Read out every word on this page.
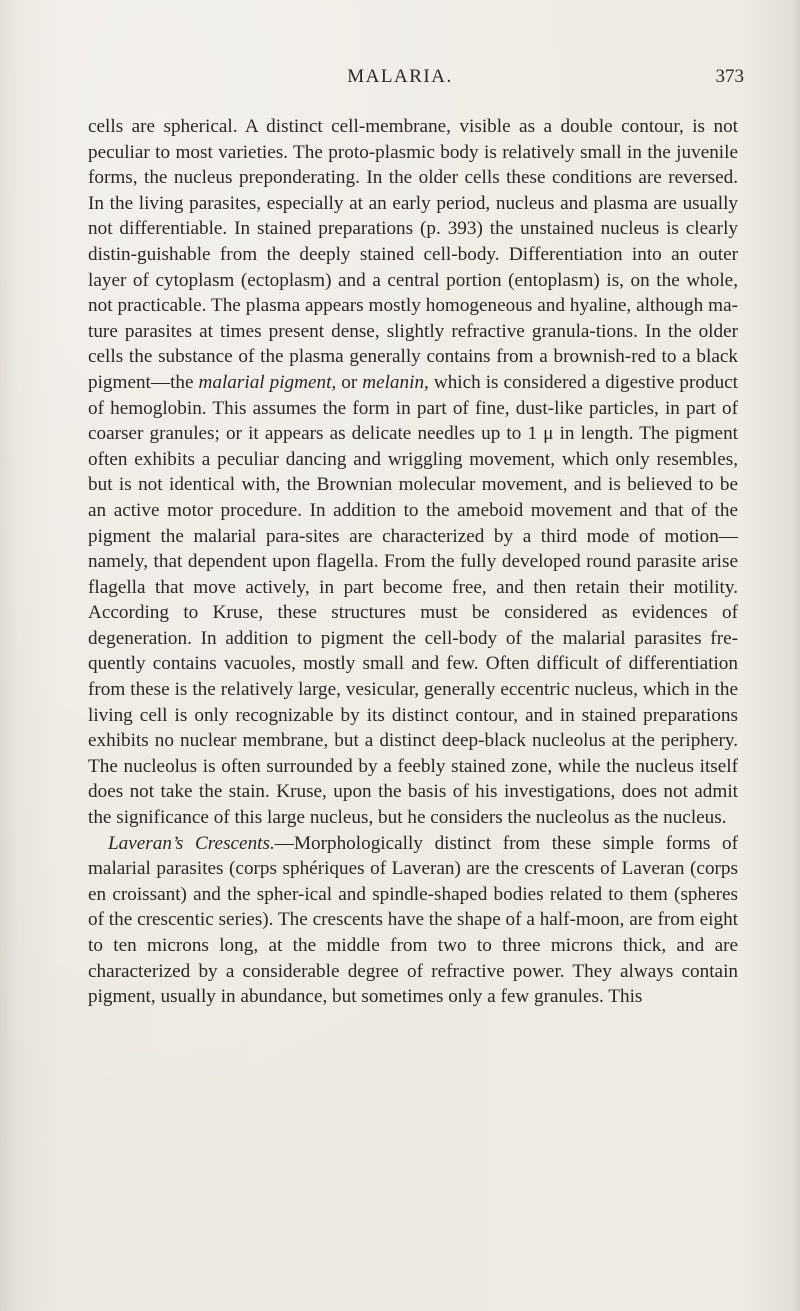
MALARIA.	373

cells are spherical. A distinct cell-membrane, visible as a double contour, is not peculiar to most varieties. The proto-plasmic body is relatively small in the juvenile forms, the nucleus preponderating. In the older cells these conditions are reversed. In the living parasites, especially at an early period, nucleus and plasma are usually not differentiable. In stained preparations (p. 393) the unstained nucleus is clearly distin-guishable from the deeply stained cell-body. Differentiation into an outer layer of cytoplasm (ectoplasm) and a central portion (entoplasm) is, on the whole, not practicable. The plasma appears mostly homogeneous and hyaline, although ma-ture parasites at times present dense, slightly refractive granula-tions. In the older cells the substance of the plasma generally contains from a brownish-red to a black pigment—the malarial pigment, or melanin, which is considered a digestive product of hemoglobin. This assumes the form in part of fine, dust-like particles, in part of coarser granules; or it appears as delicate needles up to 1 μ in length. The pigment often exhibits a peculiar dancing and wriggling movement, which only resembles, but is not identical with, the Brownian molecular movement, and is believed to be an active motor procedure. In addition to the ameboid movement and that of the pigment the malarial para-sites are characterized by a third mode of motion—namely, that dependent upon flagella. From the fully developed round parasite arise flagella that move actively, in part become free, and then retain their motility. According to Kruse, these structures must be considered as evidences of degeneration. In addition to pigment the cell-body of the malarial parasites fre-quently contains vacuoles, mostly small and few. Often difficult of differentiation from these is the relatively large, vesicular, generally eccentric nucleus, which in the living cell is only recognizable by its distinct contour, and in stained preparations exhibits no nuclear membrane, but a distinct deep-black nucleolus at the periphery. The nucleolus is often surrounded by a feebly stained zone, while the nucleus itself does not take the stain. Kruse, upon the basis of his investigations, does not admit the significance of this large nucleus, but he considers the nucleolus as the nucleus.

Laveran’s Crescents.—Morphologically distinct from these simple forms of malarial parasites (corps sphériques of Laveran) are the crescents of Laveran (corps en croissant) and the spher-ical and spindle-shaped bodies related to them (spheres of the crescentic series). The crescents have the shape of a half-moon, are from eight to ten microns long, at the middle from two to three microns thick, and are characterized by a considerable degree of refractive power. They always contain pigment, usually in abundance, but sometimes only a few granules. This
